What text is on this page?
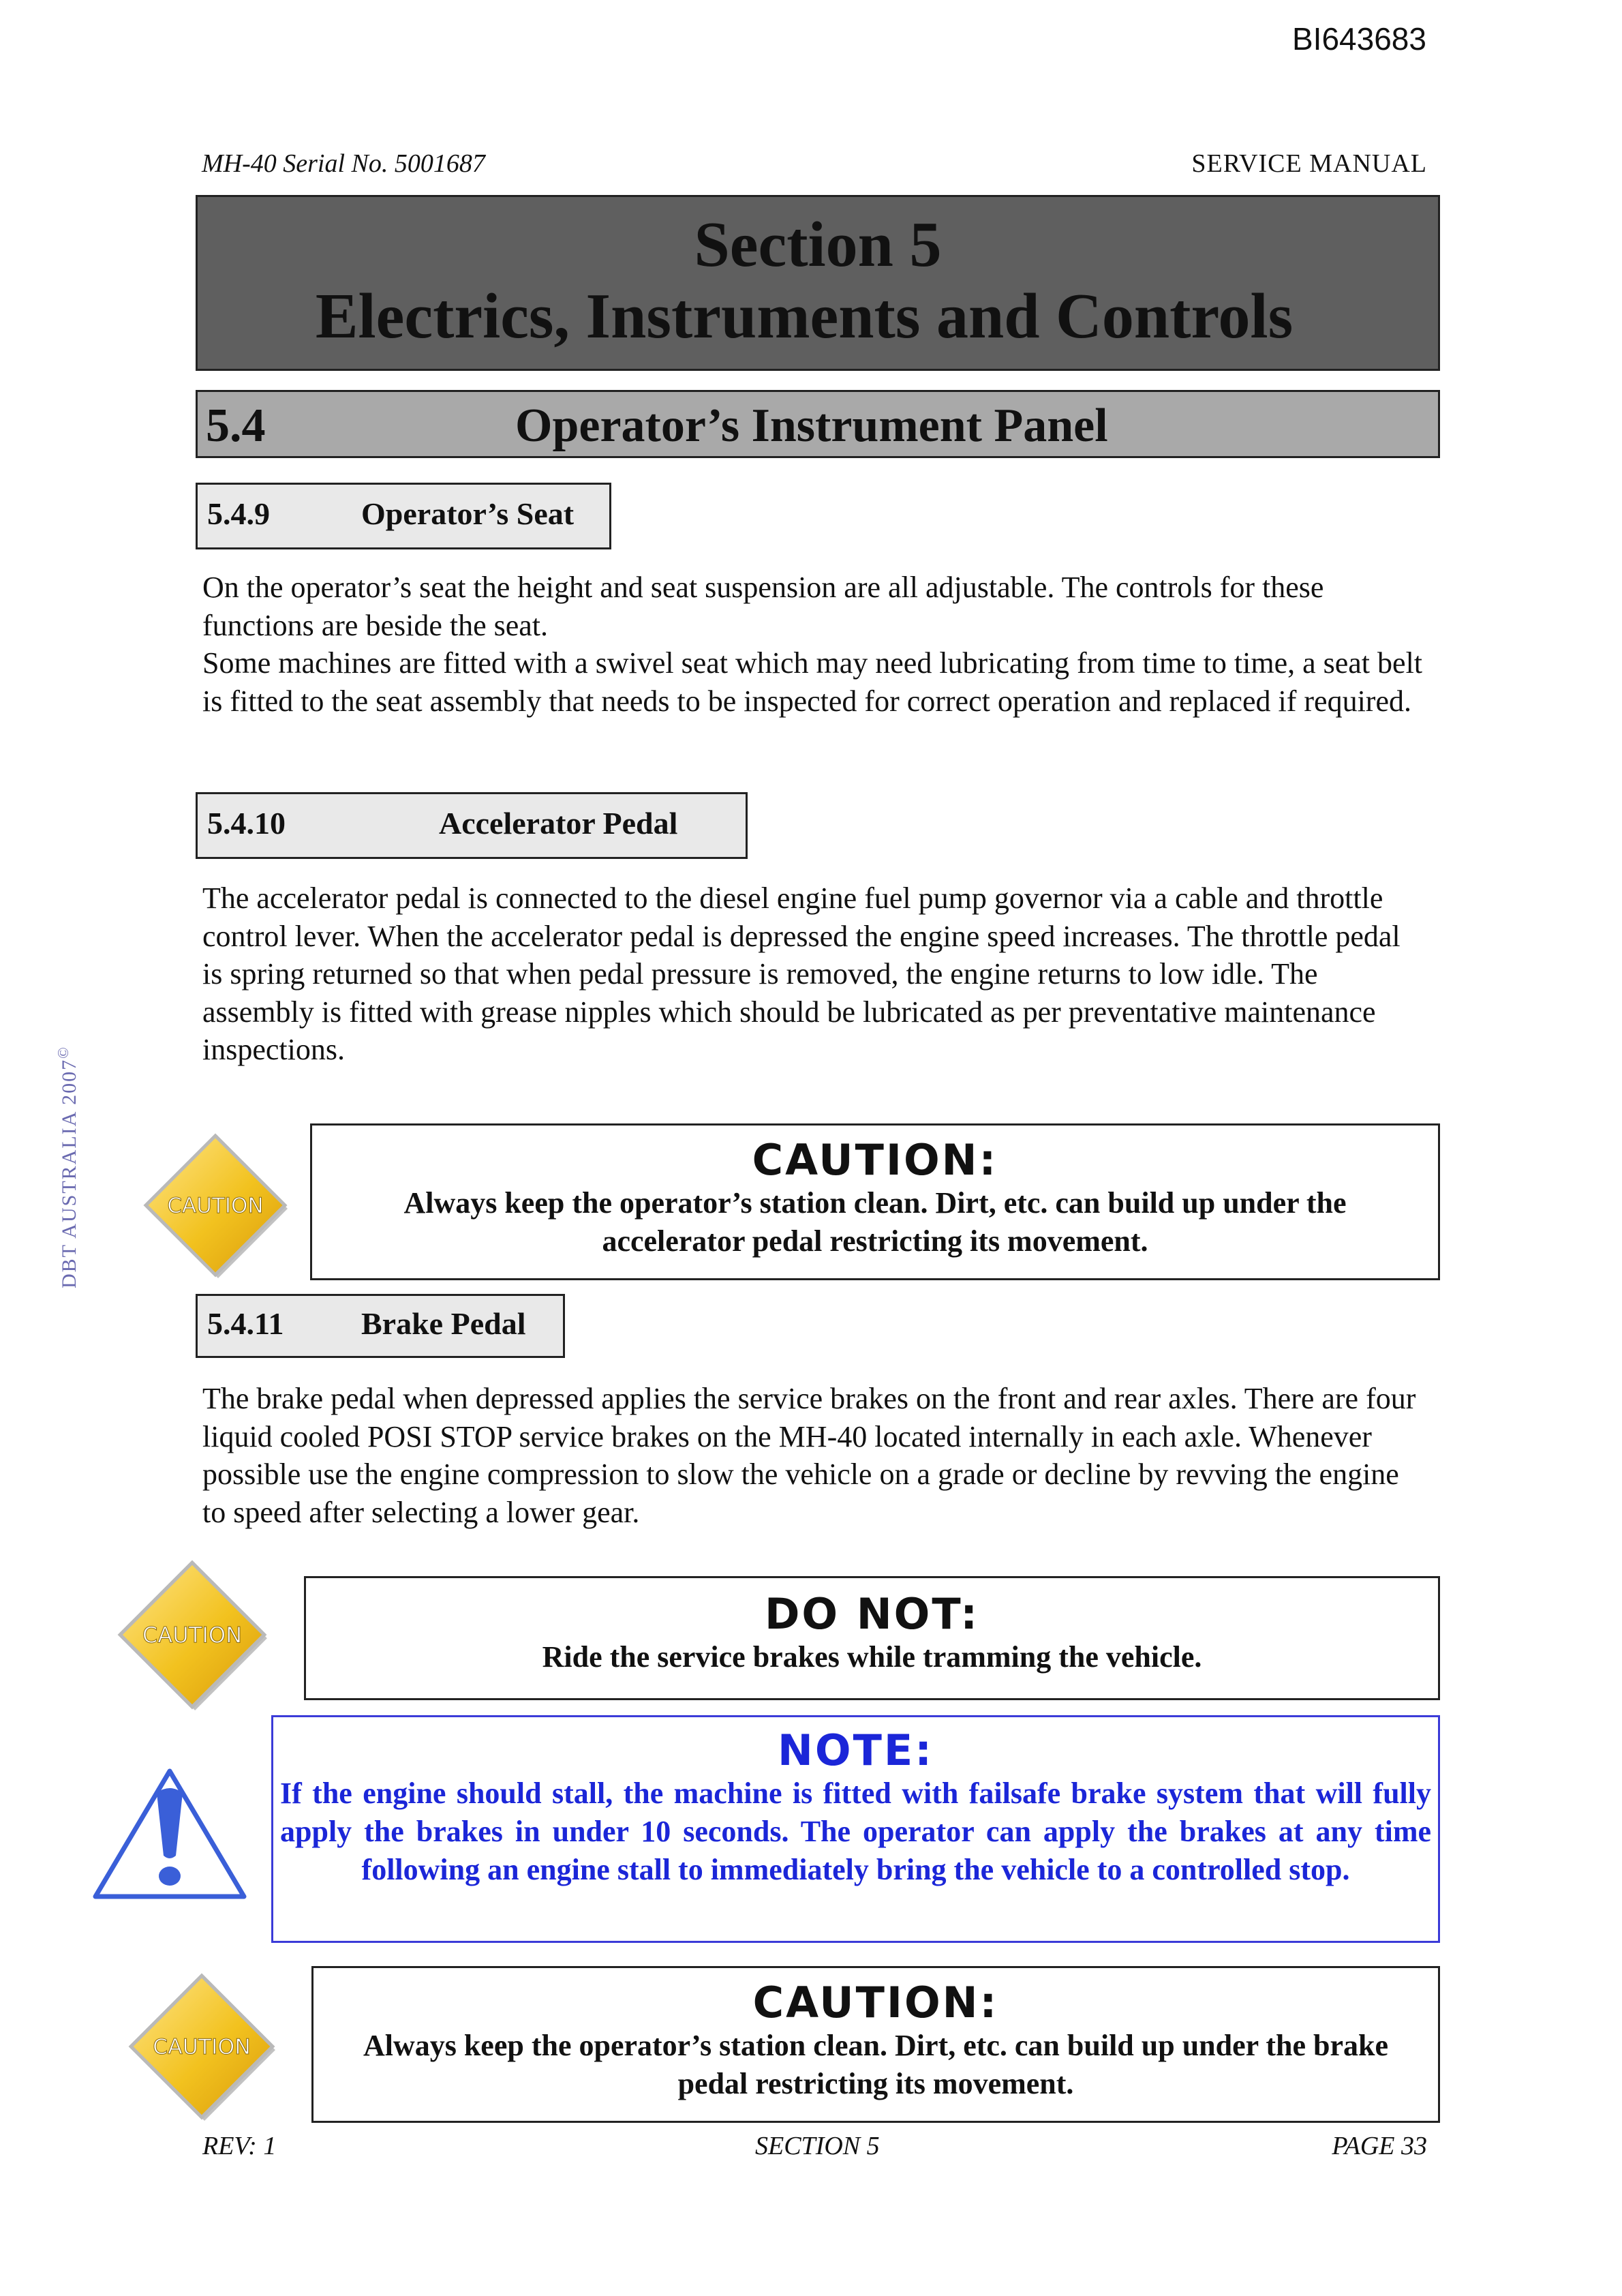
BI643683
MH-40 Serial No. 5001687	SERVICE MANUAL
Section 5
Electrics, Instruments and Controls
5.4	Operator’s Instrument Panel
5.4.9	Operator’s Seat

On the operator’s seat the height and seat suspension are all adjustable. The controls for these functions are beside the seat.

Some machines are fitted with a swivel seat which may need lubricating from time to time, a seat belt is fitted to the seat assembly that needs to be inspected for correct operation and replaced if required.

5.4.10	Accelerator Pedal

The accelerator pedal is connected to the diesel engine fuel pump governor via a cable and throttle control lever. When the accelerator pedal is depressed the engine speed increases. The throttle pedal is spring returned so that when pedal pressure is removed, the engine returns to low idle. The assembly is fitted with grease nipples which should be lubricated as per preventative maintenance inspections.

CAUTION
CAUTION:
Always keep the operator’s station clean. Dirt, etc. can build up under the accelerator pedal restricting its movement.
5.4.11 Brake Pedal

The brake pedal when depressed applies the service brakes on the front and rear axles. There are four liquid cooled POSI STOP service brakes on the MH-40 located internally in each axle. Whenever possible use the engine compression to slow the vehicle on a grade or decline by revving the engine to speed after selecting a lower gear.

CAUTION	DO NOT:
Ride the service brakes while tramming the vehicle.
NOTE:
If the engine should stall, the machine is fitted with failsafe brake system that will fully apply the brakes in under 10 seconds. The operator can apply the brakes at any time following an engine stall to immediately bring the vehicle to a controlled stop.
CAUTION
CAUTION:
Always keep the operator’s station clean. Dirt, etc. can build up under the brake pedal restricting its movement.
DBT AUSTRALIA 2007©
REV: 1	SECTION 5	PAGE 33
